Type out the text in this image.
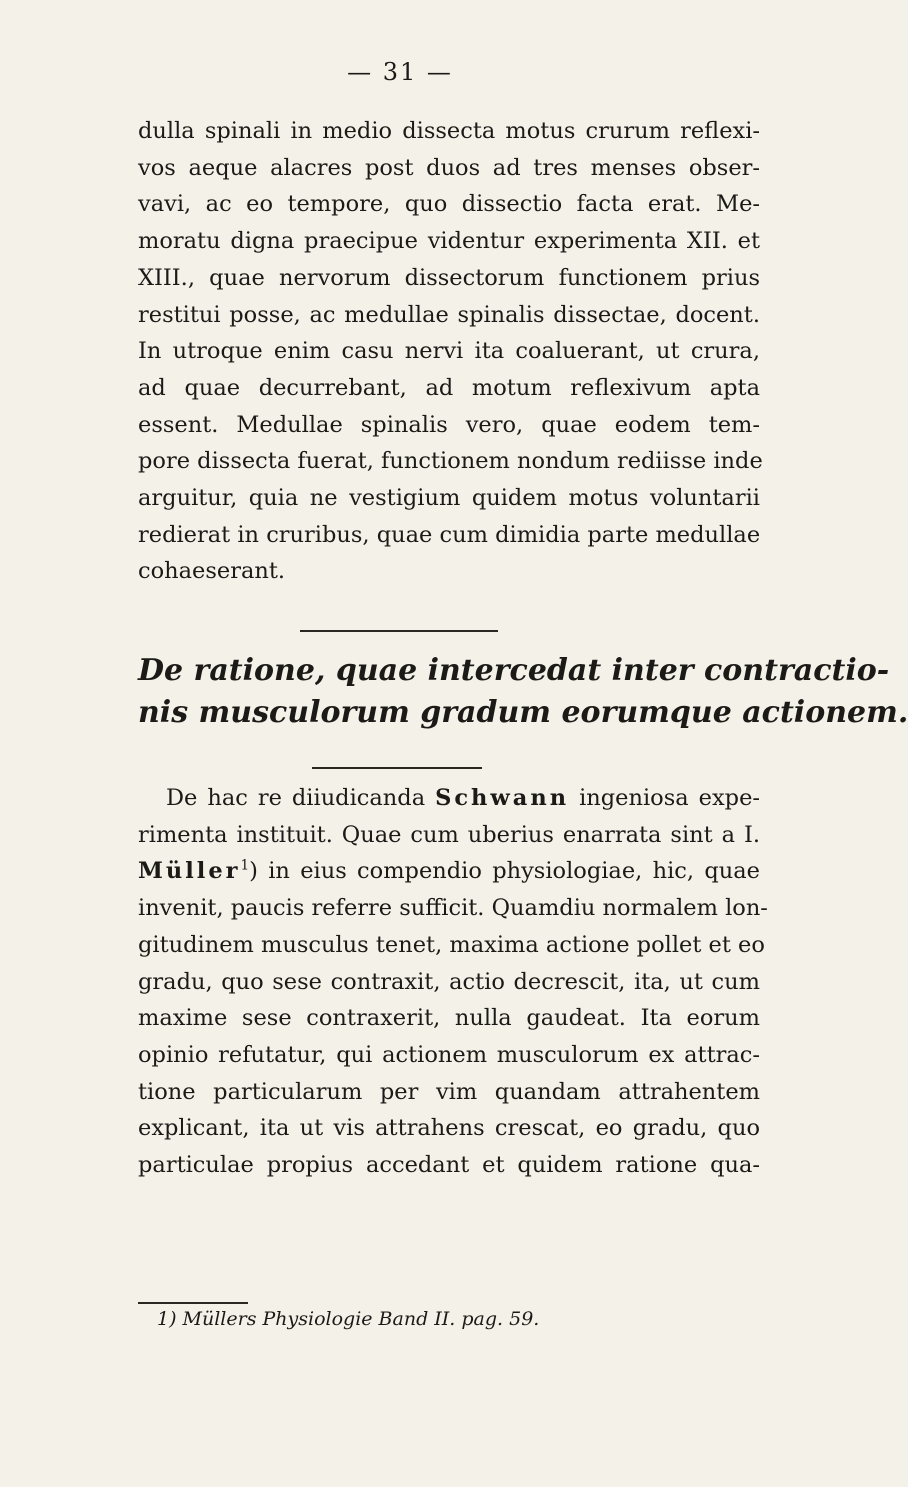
— 31 —

dulla spinali in medio dissecta motus crurum reflexi-
vos aeque alacres post duos ad tres menses obser-
vavi, ac eo tempore, quo dissectio facta erat. Me-
moratu digna praecipue videntur experimenta XII. et
XIII., quae nervorum dissectorum functionem prius
restitui posse, ac medullae spinalis dissectae, docent.
In utroque enim casu nervi ita coaluerant, ut crura,
ad quae decurrebant, ad motum reflexivum apta
essent. Medullae spinalis vero, quae eodem tem-
pore dissecta fuerat, functionem nondum rediisse inde
arguitur, quia ne vestigium quidem motus voluntarii
redierat in cruribus, quae cum dimidia parte medullae
cohaeserant.

De ratione, quae intercedat inter contractio-
nis musculorum gradum eorumque actionem.

De hac re diiudicanda Schwann ingeniosa expe-
rimenta instituit. Quae cum uberius enarrata sint a I.
Müller$^1$) in eius compendio physiologiae, hic, quae
invenit, paucis referre sufficit. Quamdiu normalem lon-
gitudinem musculus tenet, maxima actione pollet et eo
gradu, quo sese contraxit, actio decrescit, ita, ut cum
maxime sese contraxerit, nulla gaudeat. Ita eorum
opinio refutatur, qui actionem musculorum ex attrac-
tione particularum per vim quandam attrahentem
explicant, ita ut vis attrahens crescat, eo gradu, quo
particulae propius accedant et quidem ratione qua-

1) Müllers Physiologie Band II. pag. 59.
